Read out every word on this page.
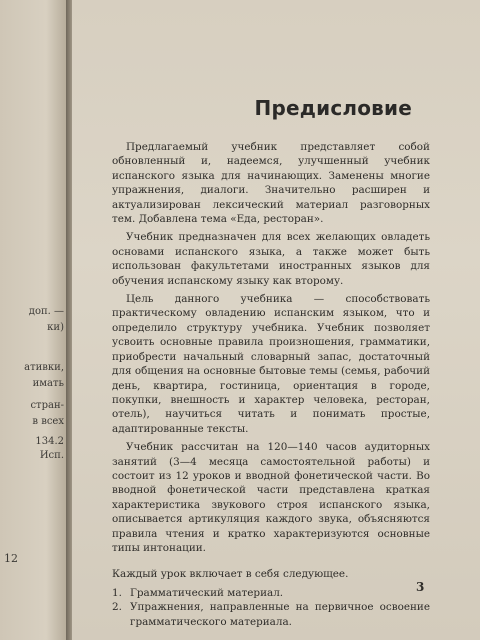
доп. —
ки)
ативки,
имать
стран-
в всех
134.2
Исп.
12
Предисловие

Предлагаемый учебник представляет собой обновленный и, надеемся, улучшенный учебник испанского языка для начинающих. Заменены многие упражнения, диалоги. Значительно расширен и актуализирован лексический материал разговорных тем. Добавлена тема «Еда, ресторан».

Учебник предназначен для всех желающих овладеть основами испанского языка, а также может быть использован факультетами иностранных языков для обучения испанскому языку как второму.

Цель данного учебника — способствовать практическому овладению испанским языком, что и определило структуру учебника. Учебник позволяет усвоить основные правила произношения, грамматики, приобрести начальный словарный запас, достаточный для общения на основные бытовые темы (семья, рабочий день, квартира, гостиница, ориентация в городе, покупки, внешность и характер человека, ресторан, отель), научиться читать и понимать простые, адаптированные тексты.

Учебник рассчитан на 120—140 часов аудиторных занятий (3—4 месяца самостоятельной работы) и состоит из 12 уроков и вводной фонетической части. Во вводной фонетической части представлена краткая характеристика звукового строя испанского языка, описывается артикуляция каждого звука, объясняются правила чтения и кратко характеризуются основные типы интонации.

Каждый урок включает в себя следующее.

1. Грамматический материал.
2. Упражнения, направленные на первичное освоение грамматического материала.
3
